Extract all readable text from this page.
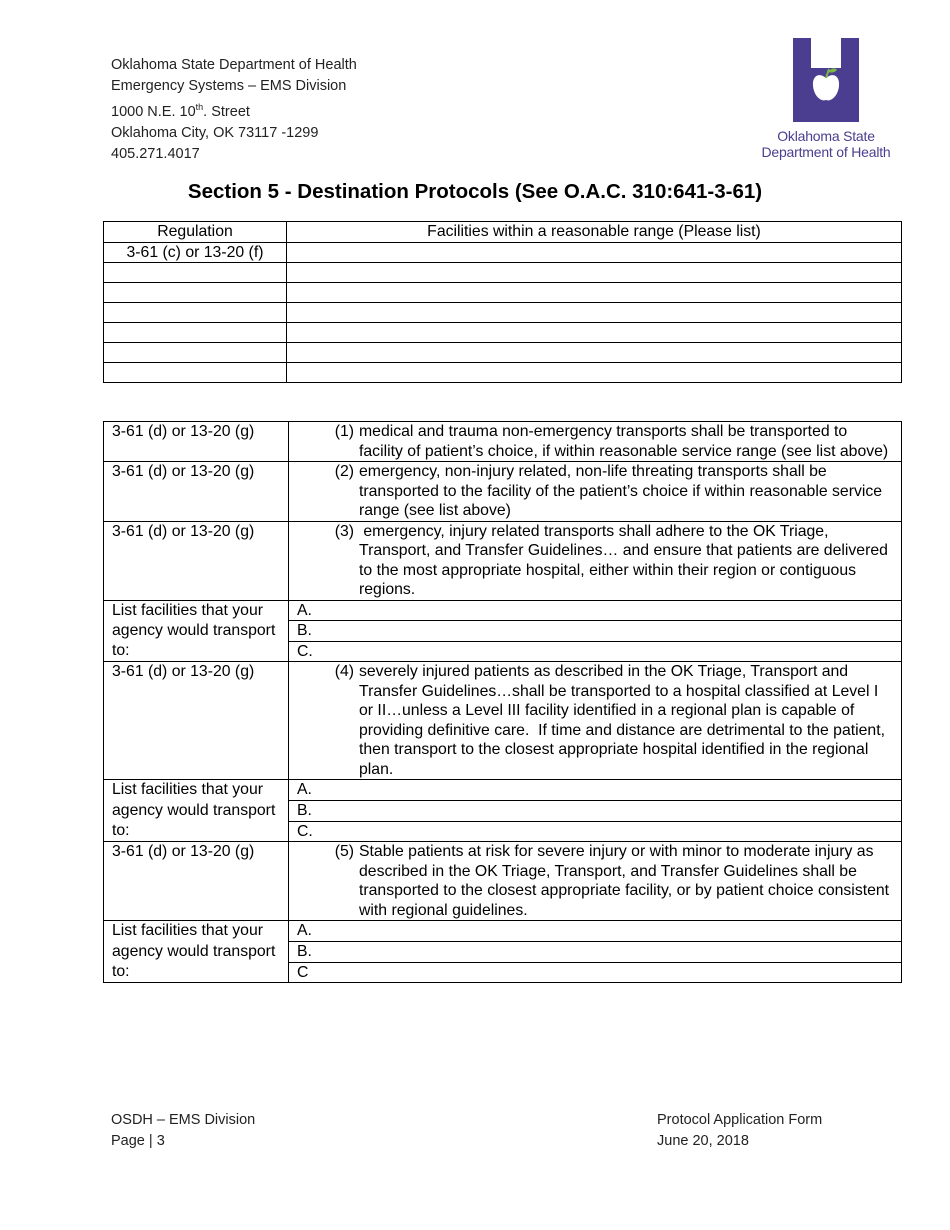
Oklahoma State Department of Health
Emergency Systems – EMS Division
1000 N.E. 10th. Street
Oklahoma City, OK 73117 -1299
405.271.4017
Oklahoma State
Department of Health
Section 5 - Destination Protocols (See O.A.C. 310:641-3-61)
Regulation	Facilities within a reasonable range (Please list)
3-61 (c) or 13-20 (f)	

3-61 (d) or 13-20 (g)	(1) medical and trauma non-emergency transports shall be transported to facility of patient’s choice, if within reasonable service range (see list above)

3-61 (d) or 13-20 (g)	(2) emergency, non-injury related, non-life threating transports shall be transported to the facility of the patient’s choice if within reasonable service range (see list above)

3-61 (d) or 13-20 (g)	(3) emergency, injury related transports shall adhere to the OK Triage, Transport, and Transfer Guidelines… and ensure that patients are delivered to the most appropriate hospital, either within their region or contiguous regions.

List facilities that your agency would transport to:	A.
	B.
	C.
3-61 (d) or 13-20 (g)	(4) severely injured patients as described in the OK Triage, Transport and Transfer Guidelines…shall be transported to a hospital classified at Level I or II…unless a Level III facility identified in a regional plan is capable of providing definitive care.  If time and distance are detrimental to the patient, then transport to the closest appropriate hospital identified in the regional plan.

List facilities that your agency would transport to:	A.
	B.
	C.
3-61 (d) or 13-20 (g)	(5) Stable patients at risk for severe injury or with minor to moderate injury as described in the OK Triage, Transport, and Transfer Guidelines shall be transported to the closest appropriate facility, or by patient choice consistent with regional guidelines.

List facilities that your agency would transport to:	A.
	B.
	C
OSDH – EMS Division
Page | 3
Protocol Application Form
June 20, 2018
